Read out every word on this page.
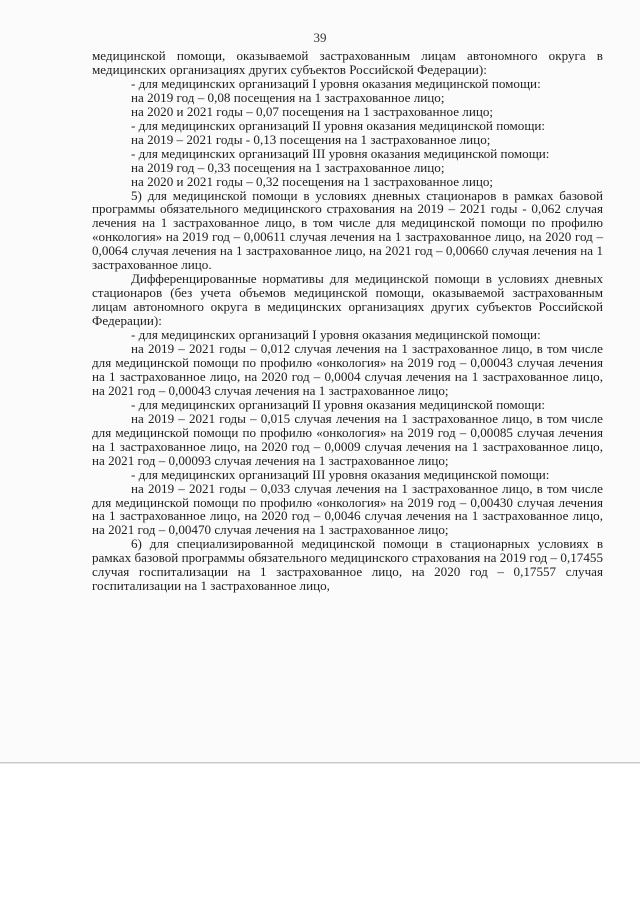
39

медицинской помощи, оказываемой застрахованным лицам автономного округа в медицинских организациях других субъектов Российской Федерации):

- для медицинских организаций I уровня оказания медицинской помощи:

на 2019 год – 0,08 посещения на 1 застрахованное лицо;

на 2020 и 2021 годы – 0,07 посещения на 1 застрахованное лицо;

- для медицинских организаций II уровня оказания медицинской помощи:

на 2019 – 2021 годы - 0,13 посещения на 1 застрахованное лицо;

- для медицинских организаций III уровня оказания медицинской помощи:

на 2019 год – 0,33 посещения на 1 застрахованное лицо;

на 2020 и 2021 годы – 0,32 посещения на 1 застрахованное лицо;

5) для медицинской помощи в условиях дневных стационаров в рамках базовой программы обязательного медицинского страхования на 2019 – 2021 годы - 0,062 случая лечения на 1 застрахованное лицо, в том числе для медицинской помощи по профилю «онкология» на 2019 год – 0,00611 случая лечения на 1 застрахованное лицо, на 2020 год – 0,0064 случая лечения на 1 застрахованное лицо, на 2021 год – 0,00660 случая лечения на 1 застрахованное лицо.

Дифференцированные нормативы для медицинской помощи в условиях дневных стационаров (без учета объемов медицинской помощи, оказываемой застрахованным лицам автономного округа в медицинских организациях других субъектов Российской Федерации):

- для медицинских организаций I уровня оказания медицинской помощи:

на 2019 – 2021 годы – 0,012 случая лечения на 1 застрахованное лицо, в том числе для медицинской помощи по профилю «онкология» на 2019 год – 0,00043 случая лечения на 1 застрахованное лицо, на 2020 год – 0,0004 случая лечения на 1 застрахованное лицо, на 2021 год – 0,00043 случая лечения на 1 застрахованное лицо;

- для медицинских организаций II уровня оказания медицинской помощи:

на 2019 – 2021 годы – 0,015 случая лечения на 1 застрахованное лицо, в том числе для медицинской помощи по профилю «онкология» на 2019 год – 0,00085 случая лечения на 1 застрахованное лицо, на 2020 год – 0,0009 случая лечения на 1 застрахованное лицо, на 2021 год – 0,00093 случая лечения на 1 застрахованное лицо;

- для медицинских организаций III уровня оказания медицинской помощи:

на 2019 – 2021 годы – 0,033 случая лечения на 1 застрахованное лицо, в том числе для медицинской помощи по профилю «онкология» на 2019 год – 0,00430 случая лечения на 1 застрахованное лицо, на 2020 год – 0,0046 случая лечения на 1 застрахованное лицо, на 2021 год – 0,00470 случая лечения на 1 застрахованное лицо;

6) для специализированной медицинской помощи в стационарных условиях в рамках базовой программы обязательного медицинского страхования на 2019 год – 0,17455 случая госпитализации на 1 застрахованное лицо, на 2020 год – 0,17557 случая госпитализации на 1 застрахованное лицо,
